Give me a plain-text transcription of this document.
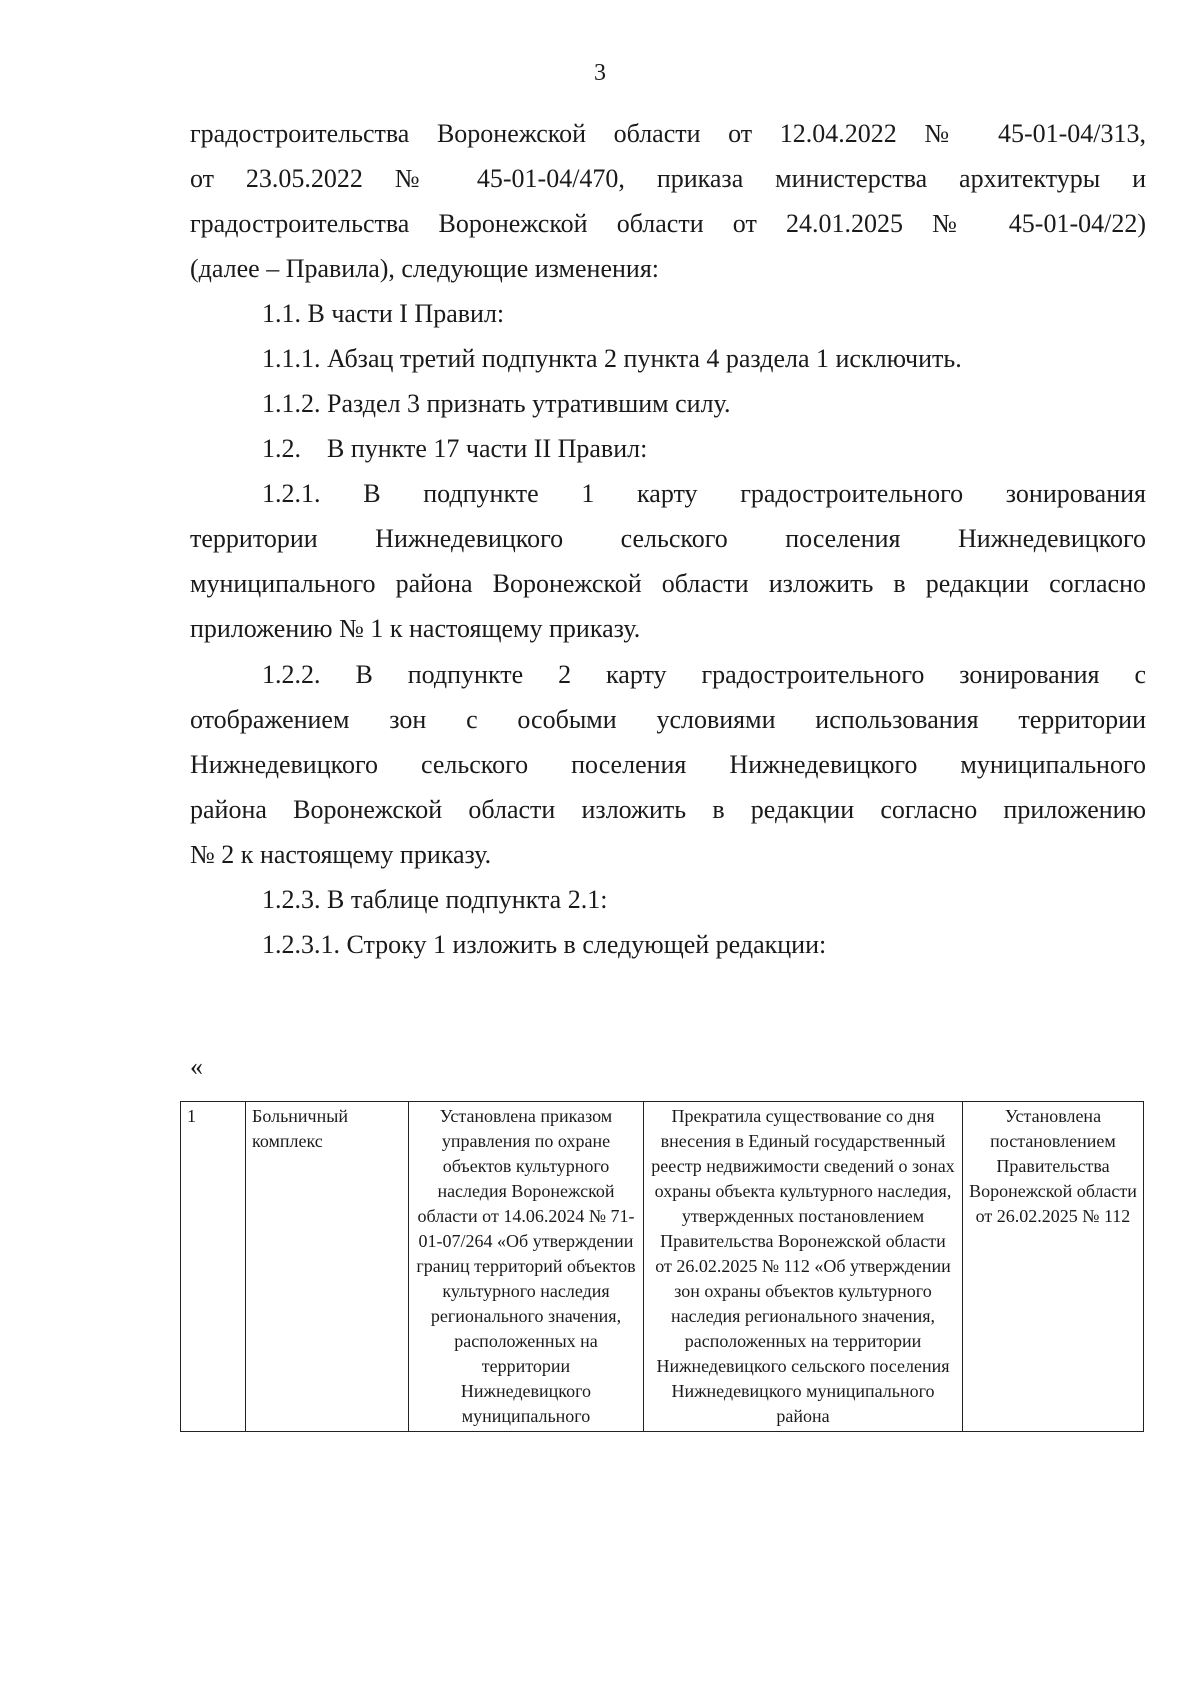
3
градостроительства Воронежской области от 12.04.2022 № 45-01-04/313,
от 23.05.2022 № 45-01-04/470, приказа министерства архитектуры и
градостроительства Воронежской области от 24.01.2025 № 45-01-04/22)
(далее – Правила), следующие изменения:
1.1. В части I Правил:
1.1.1. Абзац третий подпункта 2 пункта 4 раздела 1 исключить.
1.1.2. Раздел 3 признать утратившим силу.
1.2.    В пункте 17 части II Правил:
1.2.1. В подпункте 1 карту градостроительного зонирования
территории Нижнедевицкого сельского поселения Нижнедевицкого
муниципального района Воронежской области изложить в редакции согласно
приложению № 1 к настоящему приказу.
1.2.2. В подпункте 2 карту градостроительного зонирования с
отображением зон с особыми условиями использования территории
Нижнедевицкого сельского поселения Нижнедевицкого муниципального
района Воронежской области изложить в редакции согласно приложению
№ 2 к настоящему приказу.
1.2.3. В таблице подпункта 2.1:
1.2.3.1. Строку 1 изложить в следующей редакции:
«
1	Больничный комплекс	Установлена приказом управления по охране объектов культурного наследия Воронежской области от 14.06.2024 № 71-01-07/264 «Об утверждении границ территорий объектов культурного наследия регионального значения, расположенных на территории Нижнедевицкого муниципального	Прекратила существование со дня внесения в Единый государственный реестр недвижимости сведений о зонах охраны объекта культурного наследия, утвержденных постановлением Правительства Воронежской области от 26.02.2025 № 112 «Об утверждении зон охраны объектов культурного наследия регионального значения, расположенных на территории Нижнедевицкого сельского поселения Нижнедевицкого муниципального района	Установлена постановлением Правительства Воронежской области от 26.02.2025 № 112
